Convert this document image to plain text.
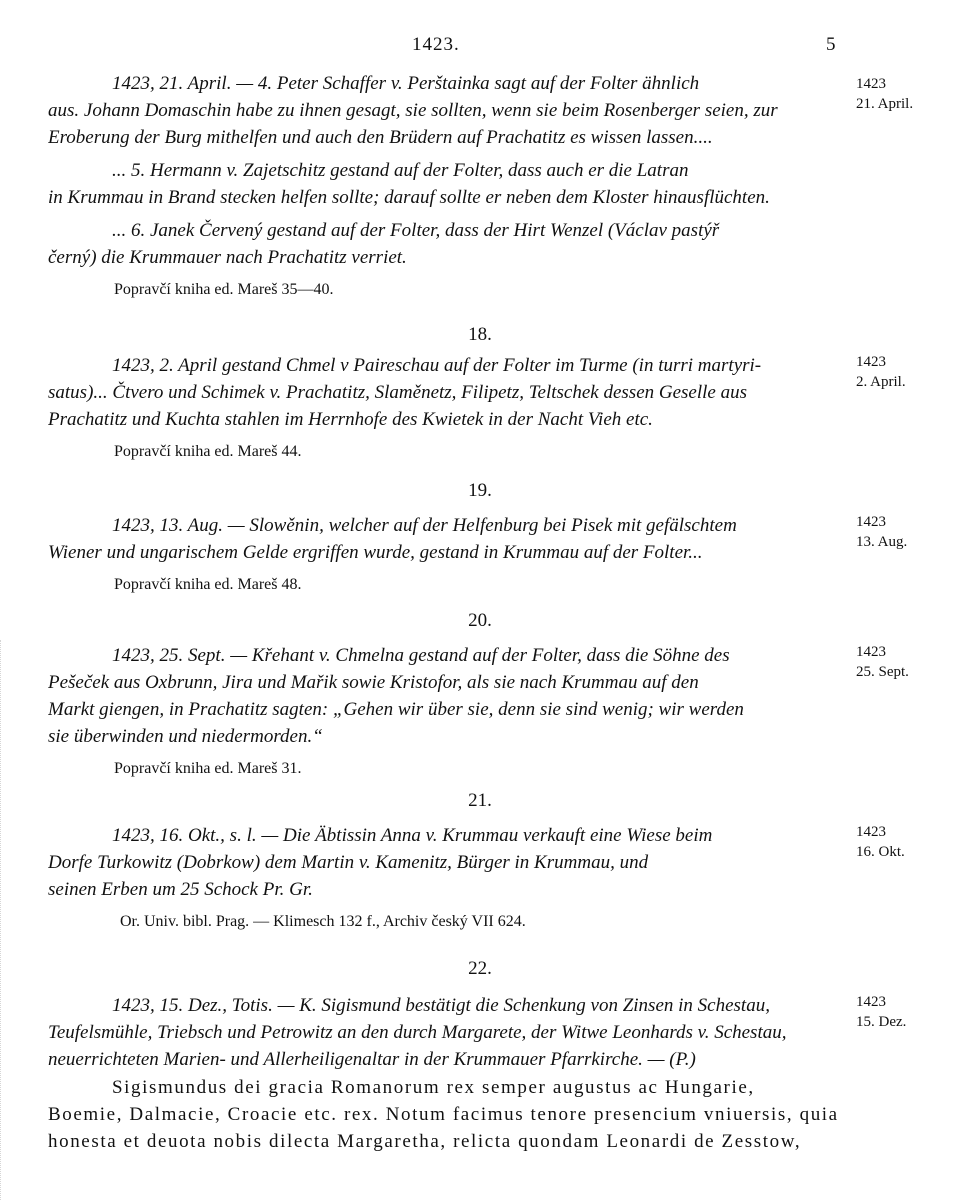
1423.	5
1423, 21. April. — 4. Peter Schaffer v. Perštainka sagt auf der Folter ähnlich
aus. Johann Domaschin habe zu ihnen gesagt, sie sollten, wenn sie beim Rosenberger seien, zur
Eroberung der Burg mithelfen und auch den Brüdern auf Prachatitz es wissen lassen....
... 5. Hermann v. Zajetschitz gestand auf der Folter, dass auch er die Latran
in Krummau in Brand stecken helfen sollte; darauf sollte er neben dem Kloster hinausflüchten.
... 6. Janek Červený gestand auf der Folter, dass der Hirt Wenzel (Václav pastýř
černý) die Krummauer nach Prachatitz verriet.
Popravčí kniha ed. Mareš 35—40.
1423
21. April.
18.
1423, 2. April gestand Chmel v Paireschau auf der Folter im Turme (in turri martyri-
satus)... Čtvero und Schimek v. Prachatitz, Slaměnetz, Filipetz, Teltschek dessen Geselle aus
Prachatitz und Kuchta stahlen im Herrnhofe des Kwietek in der Nacht Vieh etc.
Popravčí kniha ed. Mareš 44.
1423
2. April.
19.
1423, 13. Aug. — Slowěnin, welcher auf der Helfenburg bei Pisek mit gefälschtem
Wiener und ungarischem Gelde ergriffen wurde, gestand in Krummau auf der Folter...
Popravčí kniha ed. Mareš 48.
1423
13. Aug.
20.
1423, 25. Sept. — Křehant v. Chmelna gestand auf der Folter, dass die Söhne des
Pešeček aus Oxbrunn, Jira und Mařik sowie Kristofor, als sie nach Krummau auf den
Markt giengen, in Prachatitz sagten: „Gehen wir über sie, denn sie sind wenig; wir werden
sie überwinden und niedermorden.“
Popravčí kniha ed. Mareš 31.
1423
25. Sept.
21.
1423, 16. Okt., s. l. — Die Äbtissin Anna v. Krummau verkauft eine Wiese beim
Dorfe Turkowitz (Dobrkow) dem Martin v. Kamenitz, Bürger in Krummau, und
seinen Erben um 25 Schock Pr. Gr.
Or. Univ. bibl. Prag. — Klimesch 132 f., Archiv český VII 624.
1423
16. Okt.
22.
1423, 15. Dez., Totis. — K. Sigismund bestätigt die Schenkung von Zinsen in Schestau,
Teufelsmühle, Triebsch und Petrowitz an den durch Margarete, der Witwe Leonhards v. Schestau,
neuerrichteten Marien- und Allerheiligenaltar in der Krummauer Pfarrkirche. — (P.)
Sigismundus dei gracia Romanorum rex semper augustus ac Hungarie,
Boemie, Dalmacie, Croacie etc. rex. Notum facimus tenore presencium vniuersis, quia
honesta et deuota nobis dilecta Margaretha, relicta quondam Leonardi de Zesstow,
1423
15. Dez.
